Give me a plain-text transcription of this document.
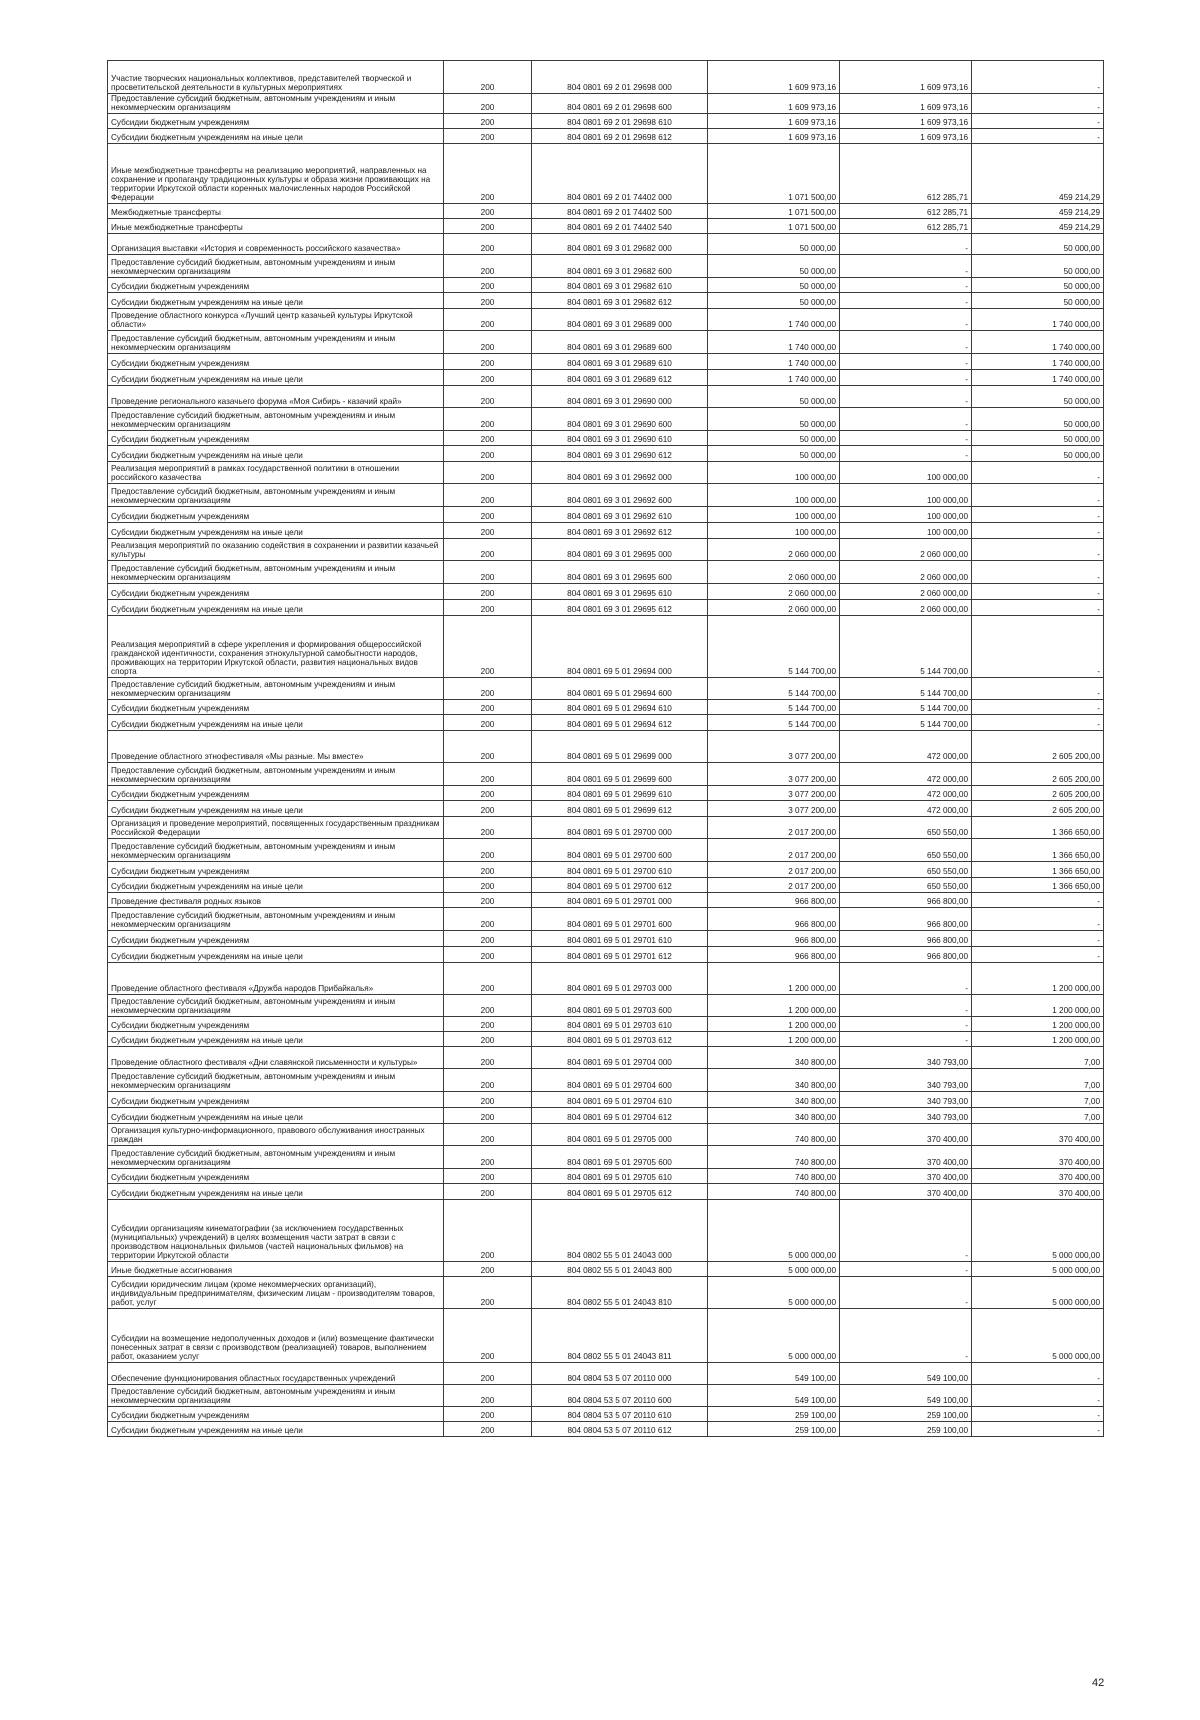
Участие творческих национальных коллективов, представителей творческой и просветительской деятельности в культурных мероприятиях	200	804 0801 69 2 01 29698 000	1 609 973,16	1 609 973,16	-
Предоставление субсидий бюджетным, автономным учреждениям и иным некоммерческим организациям	200	804 0801 69 2 01 29698 600	1 609 973,16	1 609 973,16	-
Субсидии бюджетным учреждениям	200	804 0801 69 2 01 29698 610	1 609 973,16	1 609 973,16	-
Субсидии бюджетным учреждениям на иные цели	200	804 0801 69 2 01 29698 612	1 609 973,16	1 609 973,16	-
Иные межбюджетные трансферты на реализацию мероприятий, направленных на сохранение и пропаганду традиционных культуры и образа жизни проживающих на территории Иркутской области коренных малочисленных народов Российской Федерации	200	804 0801 69 2 01 74402 000	1 071 500,00	612 285,71	459 214,29
Межбюджетные трансферты	200	804 0801 69 2 01 74402 500	1 071 500,00	612 285,71	459 214,29
Иные межбюджетные трансферты	200	804 0801 69 2 01 74402 540	1 071 500,00	612 285,71	459 214,29
Организация выставки «История и современность российского казачества»	200	804 0801 69 3 01 29682 000	50 000,00	-	50 000,00
Предоставление субсидий бюджетным, автономным учреждениям и иным некоммерческим организациям	200	804 0801 69 3 01 29682 600	50 000,00	-	50 000,00
Субсидии бюджетным учреждениям	200	804 0801 69 3 01 29682 610	50 000,00	-	50 000,00
Субсидии бюджетным учреждениям на иные цели	200	804 0801 69 3 01 29682 612	50 000,00	-	50 000,00
Проведение областного конкурса «Лучший центр казачьей культуры Иркутской области»	200	804 0801 69 3 01 29689 000	1 740 000,00	-	1 740 000,00
Предоставление субсидий бюджетным, автономным учреждениям и иным некоммерческим организациям	200	804 0801 69 3 01 29689 600	1 740 000,00	-	1 740 000,00
Субсидии бюджетным учреждениям	200	804 0801 69 3 01 29689 610	1 740 000,00	-	1 740 000,00
Субсидии бюджетным учреждениям на иные цели	200	804 0801 69 3 01 29689 612	1 740 000,00	-	1 740 000,00
Проведение регионального казачьего форума «Моя Сибирь - казачий край»	200	804 0801 69 3 01 29690 000	50 000,00	-	50 000,00
Предоставление субсидий бюджетным, автономным учреждениям и иным некоммерческим организациям	200	804 0801 69 3 01 29690 600	50 000,00	-	50 000,00
Субсидии бюджетным учреждениям	200	804 0801 69 3 01 29690 610	50 000,00	-	50 000,00
Субсидии бюджетным учреждениям на иные цели	200	804 0801 69 3 01 29690 612	50 000,00	-	50 000,00
Реализация мероприятий в рамках государственной политики в отношении российского казачества	200	804 0801 69 3 01 29692 000	100 000,00	100 000,00	-
Предоставление субсидий бюджетным, автономным учреждениям и иным некоммерческим организациям	200	804 0801 69 3 01 29692 600	100 000,00	100 000,00	-
Субсидии бюджетным учреждениям	200	804 0801 69 3 01 29692 610	100 000,00	100 000,00	-
Субсидии бюджетным учреждениям на иные цели	200	804 0801 69 3 01 29692 612	100 000,00	100 000,00	-
Реализация мероприятий по оказанию содействия в сохранении и развитии казачьей культуры	200	804 0801 69 3 01 29695 000	2 060 000,00	2 060 000,00	-
Предоставление субсидий бюджетным, автономным учреждениям и иным некоммерческим организациям	200	804 0801 69 3 01 29695 600	2 060 000,00	2 060 000,00	-
Субсидии бюджетным учреждениям	200	804 0801 69 3 01 29695 610	2 060 000,00	2 060 000,00	-
Субсидии бюджетным учреждениям на иные цели	200	804 0801 69 3 01 29695 612	2 060 000,00	2 060 000,00	-
Реализация мероприятий в сфере укрепления и формирования общероссийской гражданской идентичности, сохранения этнокультурной самобытности народов, проживающих на территории Иркутской области, развития национальных видов спорта	200	804 0801 69 5 01 29694 000	5 144 700,00	5 144 700,00	-
Предоставление субсидий бюджетным, автономным учреждениям и иным некоммерческим организациям	200	804 0801 69 5 01 29694 600	5 144 700,00	5 144 700,00	-
Субсидии бюджетным учреждениям	200	804 0801 69 5 01 29694 610	5 144 700,00	5 144 700,00	-
Субсидии бюджетным учреждениям на иные цели	200	804 0801 69 5 01 29694 612	5 144 700,00	5 144 700,00	-
Проведение областного этнофестиваля «Мы разные. Мы вместе»	200	804 0801 69 5 01 29699 000	3 077 200,00	472 000,00	2 605 200,00
Предоставление субсидий бюджетным, автономным учреждениям и иным некоммерческим организациям	200	804 0801 69 5 01 29699 600	3 077 200,00	472 000,00	2 605 200,00
Субсидии бюджетным учреждениям	200	804 0801 69 5 01 29699 610	3 077 200,00	472 000,00	2 605 200,00
Субсидии бюджетным учреждениям на иные цели	200	804 0801 69 5 01 29699 612	3 077 200,00	472 000,00	2 605 200,00
Организация и проведение мероприятий, посвященных государственным праздникам Российской Федерации	200	804 0801 69 5 01 29700 000	2 017 200,00	650 550,00	1 366 650,00
Предоставление субсидий бюджетным, автономным учреждениям и иным некоммерческим организациям	200	804 0801 69 5 01 29700 600	2 017 200,00	650 550,00	1 366 650,00
Субсидии бюджетным учреждениям	200	804 0801 69 5 01 29700 610	2 017 200,00	650 550,00	1 366 650,00
Субсидии бюджетным учреждениям на иные цели	200	804 0801 69 5 01 29700 612	2 017 200,00	650 550,00	1 366 650,00
Проведение фестиваля родных языков	200	804 0801 69 5 01 29701 000	966 800,00	966 800,00	-
Предоставление субсидий бюджетным, автономным учреждениям и иным некоммерческим организациям	200	804 0801 69 5 01 29701 600	966 800,00	966 800,00	-
Субсидии бюджетным учреждениям	200	804 0801 69 5 01 29701 610	966 800,00	966 800,00	-
Субсидии бюджетным учреждениям на иные цели	200	804 0801 69 5 01 29701 612	966 800,00	966 800,00	-
Проведение областного фестиваля «Дружба народов Прибайкалья»	200	804 0801 69 5 01 29703 000	1 200 000,00	-	1 200 000,00
Предоставление субсидий бюджетным, автономным учреждениям и иным некоммерческим организациям	200	804 0801 69 5 01 29703 600	1 200 000,00	-	1 200 000,00
Субсидии бюджетным учреждениям	200	804 0801 69 5 01 29703 610	1 200 000,00	-	1 200 000,00
Субсидии бюджетным учреждениям на иные цели	200	804 0801 69 5 01 29703 612	1 200 000,00	-	1 200 000,00
Проведение областного фестиваля «Дни славянской письменности и культуры»	200	804 0801 69 5 01 29704 000	340 800,00	340 793,00	7,00
Предоставление субсидий бюджетным, автономным учреждениям и иным некоммерческим организациям	200	804 0801 69 5 01 29704 600	340 800,00	340 793,00	7,00
Субсидии бюджетным учреждениям	200	804 0801 69 5 01 29704 610	340 800,00	340 793,00	7,00
Субсидии бюджетным учреждениям на иные цели	200	804 0801 69 5 01 29704 612	340 800,00	340 793,00	7,00
Организация культурно-информационного, правового обслуживания иностранных граждан	200	804 0801 69 5 01 29705 000	740 800,00	370 400,00	370 400,00
Предоставление субсидий бюджетным, автономным учреждениям и иным некоммерческим организациям	200	804 0801 69 5 01 29705 600	740 800,00	370 400,00	370 400,00
Субсидии бюджетным учреждениям	200	804 0801 69 5 01 29705 610	740 800,00	370 400,00	370 400,00
Субсидии бюджетным учреждениям на иные цели	200	804 0801 69 5 01 29705 612	740 800,00	370 400,00	370 400,00
Субсидии организациям кинематографии (за исключением государственных (муниципальных) учреждений) в целях возмещения части затрат в связи с производством национальных фильмов (частей национальных фильмов) на территории Иркутской области	200	804 0802 55 5 01 24043 000	5 000 000,00	-	5 000 000,00
Иные бюджетные ассигнования	200	804 0802 55 5 01 24043 800	5 000 000,00	-	5 000 000,00
Субсидии юридическим лицам (кроме некоммерческих организаций), индивидуальным предпринимателям, физическим лицам - производителям товаров, работ, услуг	200	804 0802 55 5 01 24043 810	5 000 000,00	-	5 000 000,00
Субсидии на возмещение недополученных доходов и (или) возмещение фактически понесенных затрат в связи с производством (реализацией) товаров, выполнением работ, оказанием услуг	200	804 0802 55 5 01 24043 811	5 000 000,00	-	5 000 000,00
Обеспечение функционирования областных государственных учреждений	200	804 0804 53 5 07 20110 000	549 100,00	549 100,00	-
Предоставление субсидий бюджетным, автономным учреждениям и иным некоммерческим организациям	200	804 0804 53 5 07 20110 600	549 100,00	549 100,00	-
Субсидии бюджетным учреждениям	200	804 0804 53 5 07 20110 610	259 100,00	259 100,00	-
Субсидии бюджетным учреждениям на иные цели	200	804 0804 53 5 07 20110 612	259 100,00	259 100,00	-
42
